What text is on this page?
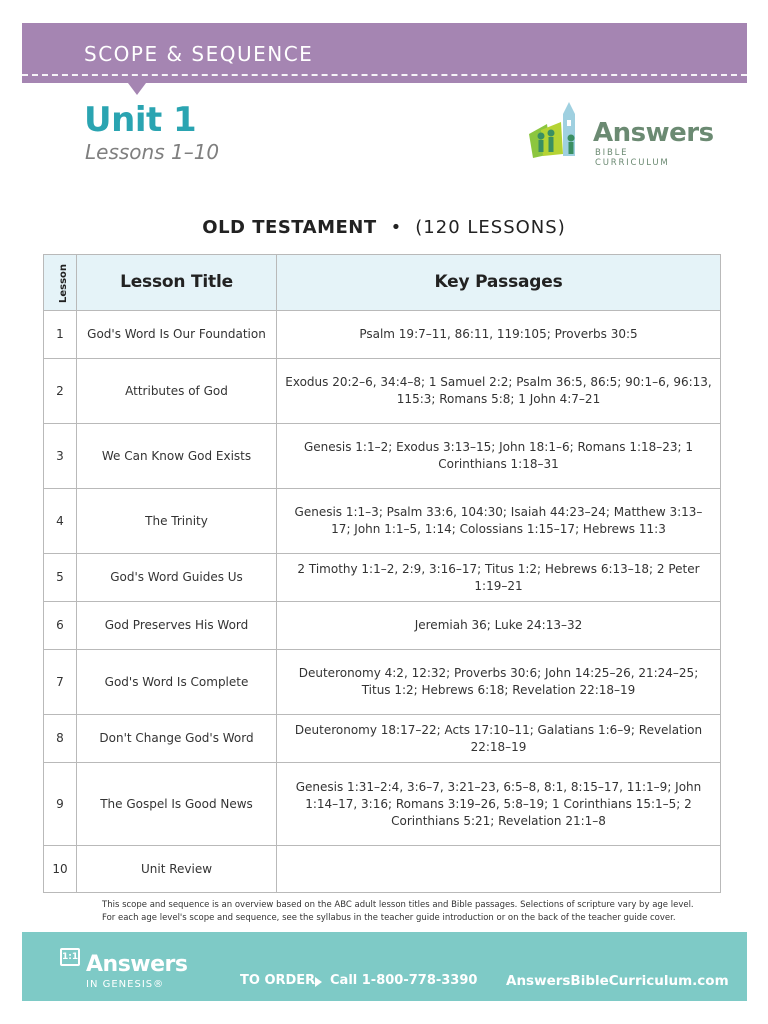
SCOPE & SEQUENCE
Unit 1
Lessons 1–10
Answers
BIBLE CURRICULUM
OLD TESTAMENT • (120 LESSONS)
Lesson	Lesson Title	Key Passages
1	God's Word Is Our Foundation	Psalm 19:7–11, 86:11, 119:105; Proverbs 30:5
2	Attributes of God	Exodus 20:2–6, 34:4–8; 1 Samuel 2:2; Psalm 36:5, 86:5; 90:1–6, 96:13, 115:3; Romans 5:8; 1 John 4:7–21
3	We Can Know God Exists	Genesis 1:1–2; Exodus 3:13–15; John 18:1–6; Romans 1:18–23; 1 Corinthians 1:18–31
4	The Trinity	Genesis 1:1–3; Psalm 33:6, 104:30; Isaiah 44:23–24; Matthew 3:13–17; John 1:1–5, 1:14; Colossians 1:15–17; Hebrews 11:3
5	God's Word Guides Us	2 Timothy 1:1–2, 2:9, 3:16–17; Titus 1:2; Hebrews 6:13–18; 2 Peter 1:19–21
6	God Preserves His Word	Jeremiah 36; Luke 24:13–32
7	God's Word Is Complete	Deuteronomy 4:2, 12:32; Proverbs 30:6; John 14:25–26, 21:24–25; Titus 1:2; Hebrews 6:18; Revelation 22:18–19
8	Don't Change God's Word	Deuteronomy 18:17–22; Acts 17:10–11; Galatians 1:6–9; Revelation 22:18–19
9	The Gospel Is Good News	Genesis 1:31–2:4, 3:6–7, 3:21–23, 6:5–8, 8:1, 8:15–17, 11:1–9; John 1:14–17, 3:16; Romans 3:19–26, 5:8–19; 1 Corinthians 15:1–5; 2 Corinthians 5:21; Revelation 21:1–8
10	Unit Review	

This scope and sequence is an overview based on the ABC adult lesson titles and Bible passages. Selections of scripture vary by age level.

For each age level's scope and sequence, see the syllabus in the teacher guide introduction or on the back of the teacher guide cover.

1:1 Answers
IN GENESIS®	TO ORDER Call 1-800-778-3390 AnswersBibleCurriculum.com
